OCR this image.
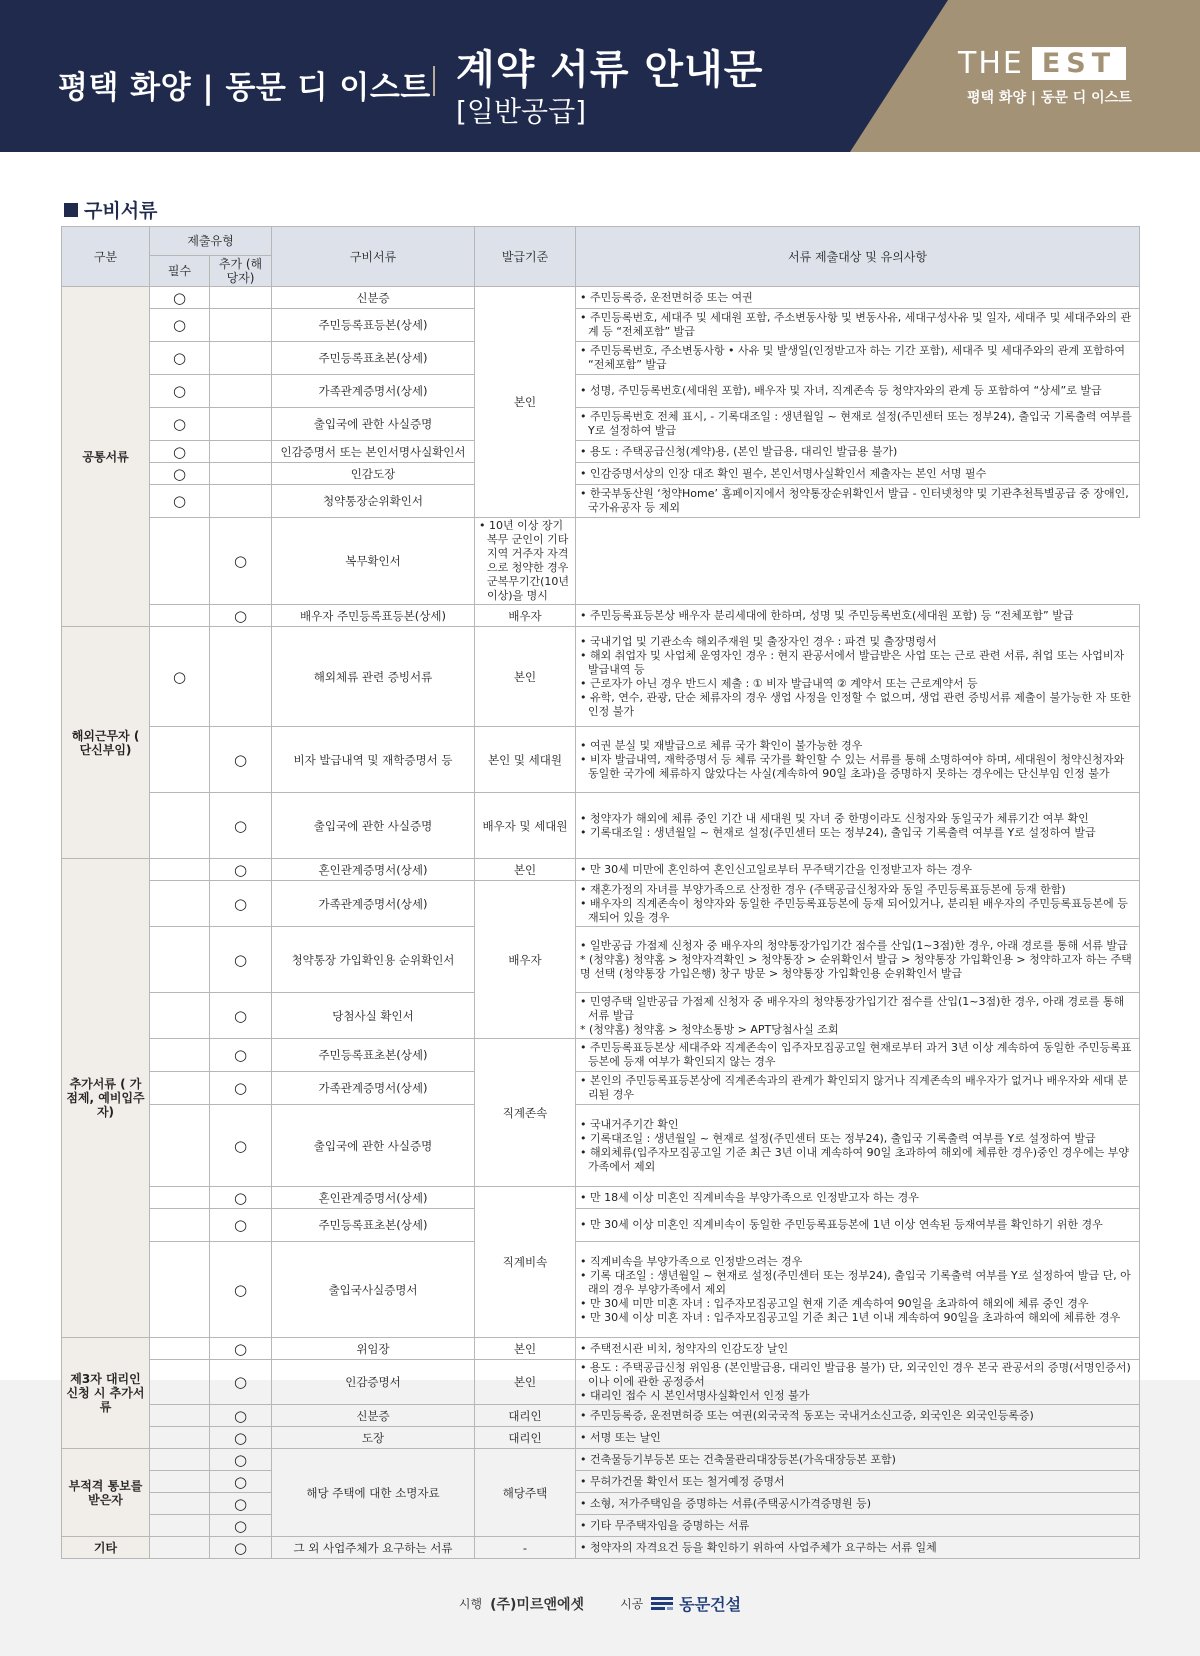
평택 화양 | 동문 디 이스트 계약 서류 안내문
[일반공급]
THE EST
평택 화양 | 동문 디 이스트
구비서류
구분	제출유형		구비서류	발급기준	서류 제출대상 및 유의사항
	필수	추가 (해당자)			
공통서류	○		신분증	본인	• 주민등록증, 운전면허증 또는 여권

	○		주민등록표등본(상세)		• 주민등록번호, 세대주 및 세대원 포함, 주소변동사항 및 변동사유, 세대구성사유 및 일자, 세대주 및 세대주와의 관계 등 “전체포함” 발급

	○		주민등록표초본(상세)		• 주민등록번호, 주소변동사항 • 사유 및 발생일(인정받고자 하는 기간 포함), 세대주 및 세대주와의 관계 포함하여 “전체포함” 발급

	○		가족관계증명서(상세)		• 성명, 주민등록번호(세대원 포함), 배우자 및 자녀, 직계존속 등 청약자와의 관계 등 포함하여 “상세”로 발급

	○		출입국에 관한 사실증명		• 주민등록번호 전체 표시, - 기록대조일 : 생년월일 ~ 현재로 설정(주민센터 또는 정부24), 출입국 기록출력 여부를 Y로 설정하여 발급

	○		인감증명서 또는 본인서명사실확인서		• 용도 : 주택공급신청(계약)용, (본인 발급용, 대리인 발급용 불가)

	○		인감도장		• 인감증명서상의 인장 대조 확인 필수, 본인서명사실확인서 제출자는 본인 서명 필수

	○		청약통장순위확인서		• 한국부동산원 ‘청약Home’ 홈페이지에서 청약통장순위확인서 발급 - 인터넷청약 및 기관추천특별공급 중 장애인, 국가유공자 등 제외

		○	복무확인서	• 10년 이상 장기복무 군인이 기타지역 거주자 자격으로 청약한 경우 군복무기간(10년 이상)을 명시	

		○	배우자 주민등록표등본(상세)	배우자	• 주민등록표등본상 배우자 분리세대에 한하며, 성명 및 주민등록번호(세대원 포함) 등 “전체포함” 발급

해외근무자 ( 단신부임)	○		해외체류 관련 증빙서류	본인	• 국내기업 및 기관소속 해외주재원 및 출장자인 경우 : 파견 및 출장명령서
• 해외 취업자 및 사업체 운영자인 경우 : 현지 관공서에서 발급받은 사업 또는 근로 관련 서류, 취업 또는 사업비자 발급내역 등
• 근로자가 아닌 경우 반드시 제출 : ① 비자 발급내역 ② 계약서 또는 근로계약서 등
• 유학, 연수, 관광, 단순 체류자의 경우 생업 사정을 인정할 수 없으며, 생업 관련 증빙서류 제출이 불가능한 자 또한 인정 불가

		○	비자 발급내역 및 재학증명서 등	본인 및 세대원	• 여권 분실 및 재발급으로 체류 국가 확인이 불가능한 경우
• 비자 발급내역, 재학증명서 등 체류 국가를 확인할 수 있는 서류를 통해 소명하여야 하며, 세대원이 청약신청자와 동일한 국가에 체류하지 않았다는 사실(계속하여 90일 초과)을 증명하지 못하는 경우에는 단신부임 인정 불가

		○	출입국에 관한 사실증명	배우자 및 세대원	• 청약자가 해외에 체류 중인 기간 내 세대원 및 자녀 중 한명이라도 신청자와 동일국가 체류기간 여부 확인
• 기록대조일 : 생년월일 ~ 현재로 설정(주민센터 또는 정부24), 출입국 기록출력 여부를 Y로 설정하여 발급

추가서류 ( 가점제, 예비입주자)		○	혼인관계증명서(상세)	본인	• 만 30세 미만에 혼인하여 혼인신고일로부터 무주택기간을 인정받고자 하는 경우

		○	가족관계증명서(상세)	배우자	• 재혼가정의 자녀를 부양가족으로 산정한 경우 (주택공급신청자와 동일 주민등록표등본에 등재 한함)
• 배우자의 직계존속이 청약자와 동일한 주민등록표등본에 등재 되어있거나, 분리된 배우자의 주민등록표등본에 등재되어 있을 경우

		○	청약통장 가입확인용 순위확인서		• 일반공급 가점제 신청자 중 배우자의 청약통장가입기간 점수를 산입(1~3점)한 경우, 아래 경로를 통해 서류 발급
* (청약홈) 청약홈 > 청약자격확인 > 청약통장 > 순위확인서 발급 > 청약통장 가입확인용 > 청약하고자 하는 주택명 선택 (청약통장 가입은행) 창구 방문 > 청약통장 가입확인용 순위확인서 발급

		○	당첨사실 확인서		• 민영주택 일반공급 가점제 신청자 중 배우자의 청약통장가입기간 점수를 산입(1~3점)한 경우, 아래 경로를 통해 서류 발급
* (청약홈) 청약홈 > 청약소통방 > APT당첨사실 조회

		○	주민등록표초본(상세)	직계존속	• 주민등록표등본상 세대주와 직계존속이 입주자모집공고일 현재로부터 과거 3년 이상 계속하여 동일한 주민등록표등본에 등재 여부가 확인되지 않는 경우

		○	가족관계증명서(상세)		• 본인의 주민등록표등본상에 직계존속과의 관계가 확인되지 않거나 직계존속의 배우자가 없거나 배우자와 세대 분리된 경우

		○	출입국에 관한 사실증명		• 국내거주기간 확인
• 기록대조일 : 생년월일 ~ 현재로 설정(주민센터 또는 정부24), 출입국 기록출력 여부를 Y로 설정하여 발급
• 해외체류(입주자모집공고일 기준 최근 3년 이내 계속하여 90일 초과하여 해외에 체류한 경우)중인 경우에는 부양가족에서 제외

		○	혼인관계증명서(상세)	직계비속	• 만 18세 이상 미혼인 직계비속을 부양가족으로 인정받고자 하는 경우

		○	주민등록표초본(상세)		• 만 30세 이상 미혼인 직계비속이 동일한 주민등록표등본에 1년 이상 연속된 등재여부를 확인하기 위한 경우

		○	출입국사실증명서		• 직계비속을 부양가족으로 인정받으려는 경우
• 기록 대조일 : 생년월일 ~ 현재로 설정(주민센터 또는 정부24), 출입국 기록출력 여부를 Y로 설정하여 발급 단, 아래의 경우 부양가족에서 제외
• 만 30세 미만 미혼 자녀 : 입주자모집공고일 현재 기준 계속하여 90일을 초과하여 해외에 체류 중인 경우
• 만 30세 이상 미혼 자녀 : 입주자모집공고일 기준 최근 1년 이내 계속하여 90일을 초과하여 해외에 체류한 경우

제3자 대리인 신청 시 추가서류		○	위임장	본인	• 주택전시관 비치, 청약자의 인감도장 날인

		○	인감증명서	본인	• 용도 : 주택공급신청 위임용 (본인발급용, 대리인 발급용 불가) 단, 외국인인 경우 본국 관공서의 증명(서명인증서)이나 이에 관한 공정증서
• 대리인 접수 시 본인서명사실확인서 인정 불가

		○	신분증	대리인	• 주민등록증, 운전면허증 또는 여권(외국국적 동포는 국내거소신고증, 외국인은 외국인등록증)

		○	도장	대리인	• 서명 또는 날인

부적격 통보를 받은자		○	해당 주택에 대한 소명자료	해당주택	• 건축물등기부등본 또는 건축물관리대장등본(가옥대장등본 포함)

		○			• 무허가건물 확인서 또는 철거예정 증명서

		○			• 소형, 저가주택임을 증명하는 서류(주택공시가격증명원 등)

		○			• 기타 무주택자임을 증명하는 서류

기타		○	그 외 사업주체가 요구하는 서류	-	• 청약자의 자격요건 등을 확인하기 위하여 사업주체가 요구하는 서류 일체
시행 (주)미르앤에셋	시공 동문건설
